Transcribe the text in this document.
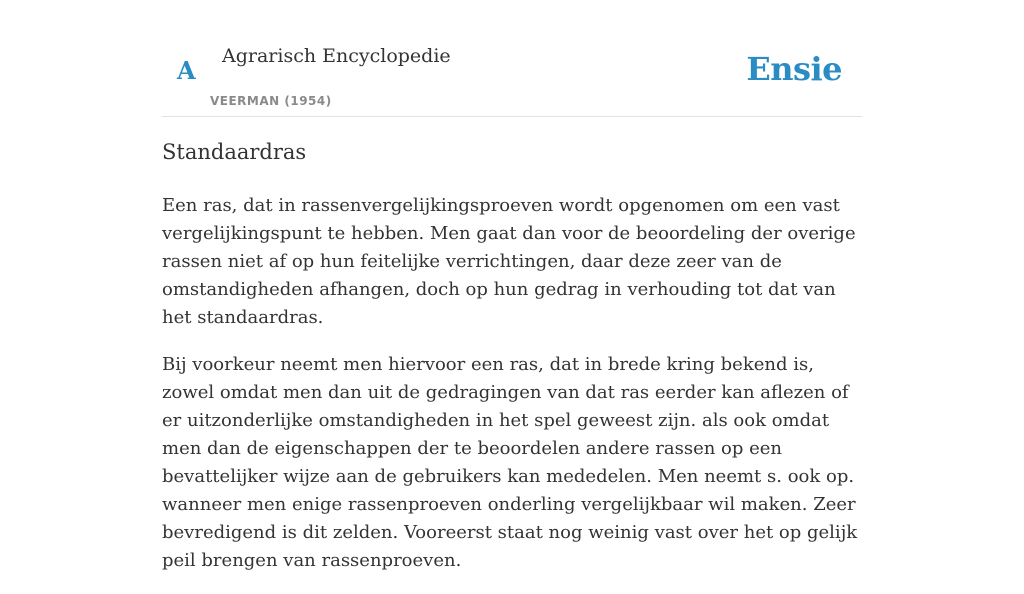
A Agrarisch Encyclopedie
VEERMAN (1954)
Ensie
Standaardras

Een ras, dat in rassenvergelijkingsproeven wordt opgenomen om een vast vergelijkingspunt te hebben. Men gaat dan voor de beoordeling der overige rassen niet af op hun feitelijke verrichtingen, daar deze zeer van de omstandigheden afhangen, doch op hun gedrag in verhouding tot dat van het standaardras.

Bij voorkeur neemt men hiervoor een ras, dat in brede kring bekend is, zowel omdat men dan uit de gedragingen van dat ras eerder kan aflezen of er uitzonderlijke omstandigheden in het spel geweest zijn. als ook omdat men dan de eigenschappen der te beoordelen andere rassen op een bevattelijker wijze aan de gebruikers kan mededelen. Men neemt s. ook op. wanneer men enige rassenproeven onderling vergelijkbaar wil maken. Zeer bevredigend is dit zelden. Vooreerst staat nog weinig vast over het op gelijk peil brengen van rassenproeven.
